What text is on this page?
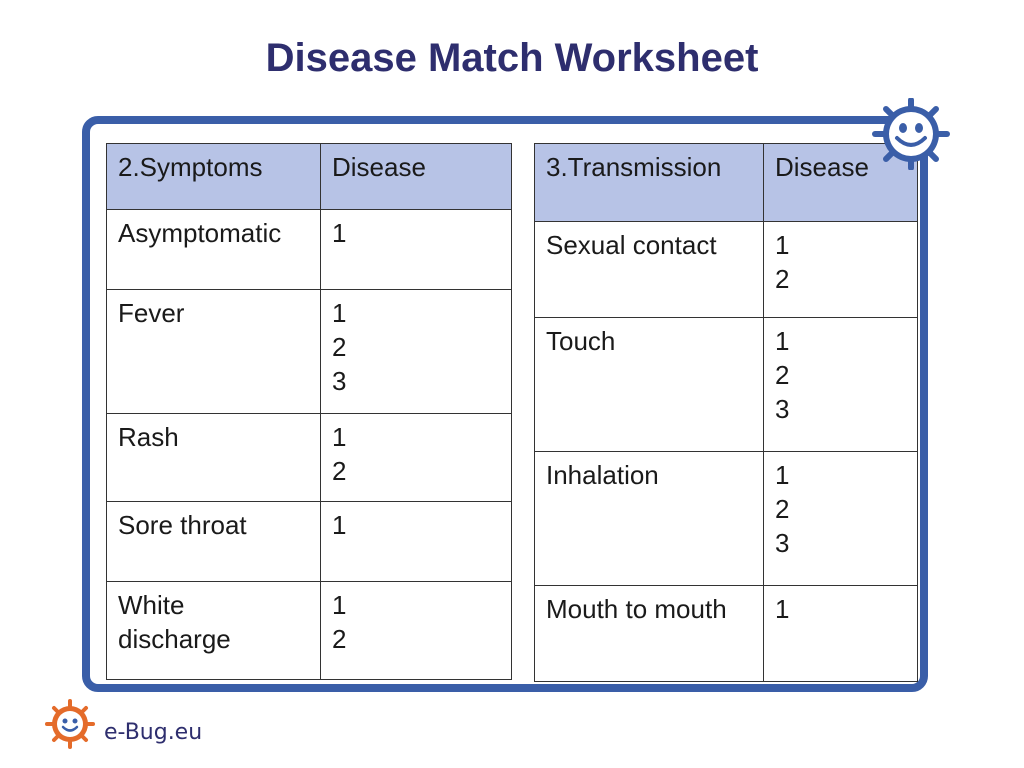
Disease Match Worksheet
2.Symptoms	Disease
Asymptomatic	1
Fever	1
2
3
Rash	1
2
Sore throat	1
White
discharge	1
2
3.Transmission	Disease
Sexual contact	1
2
Touch	1
2
3
Inhalation	1
2
3
Mouth to mouth	1
e-Bug.eu
